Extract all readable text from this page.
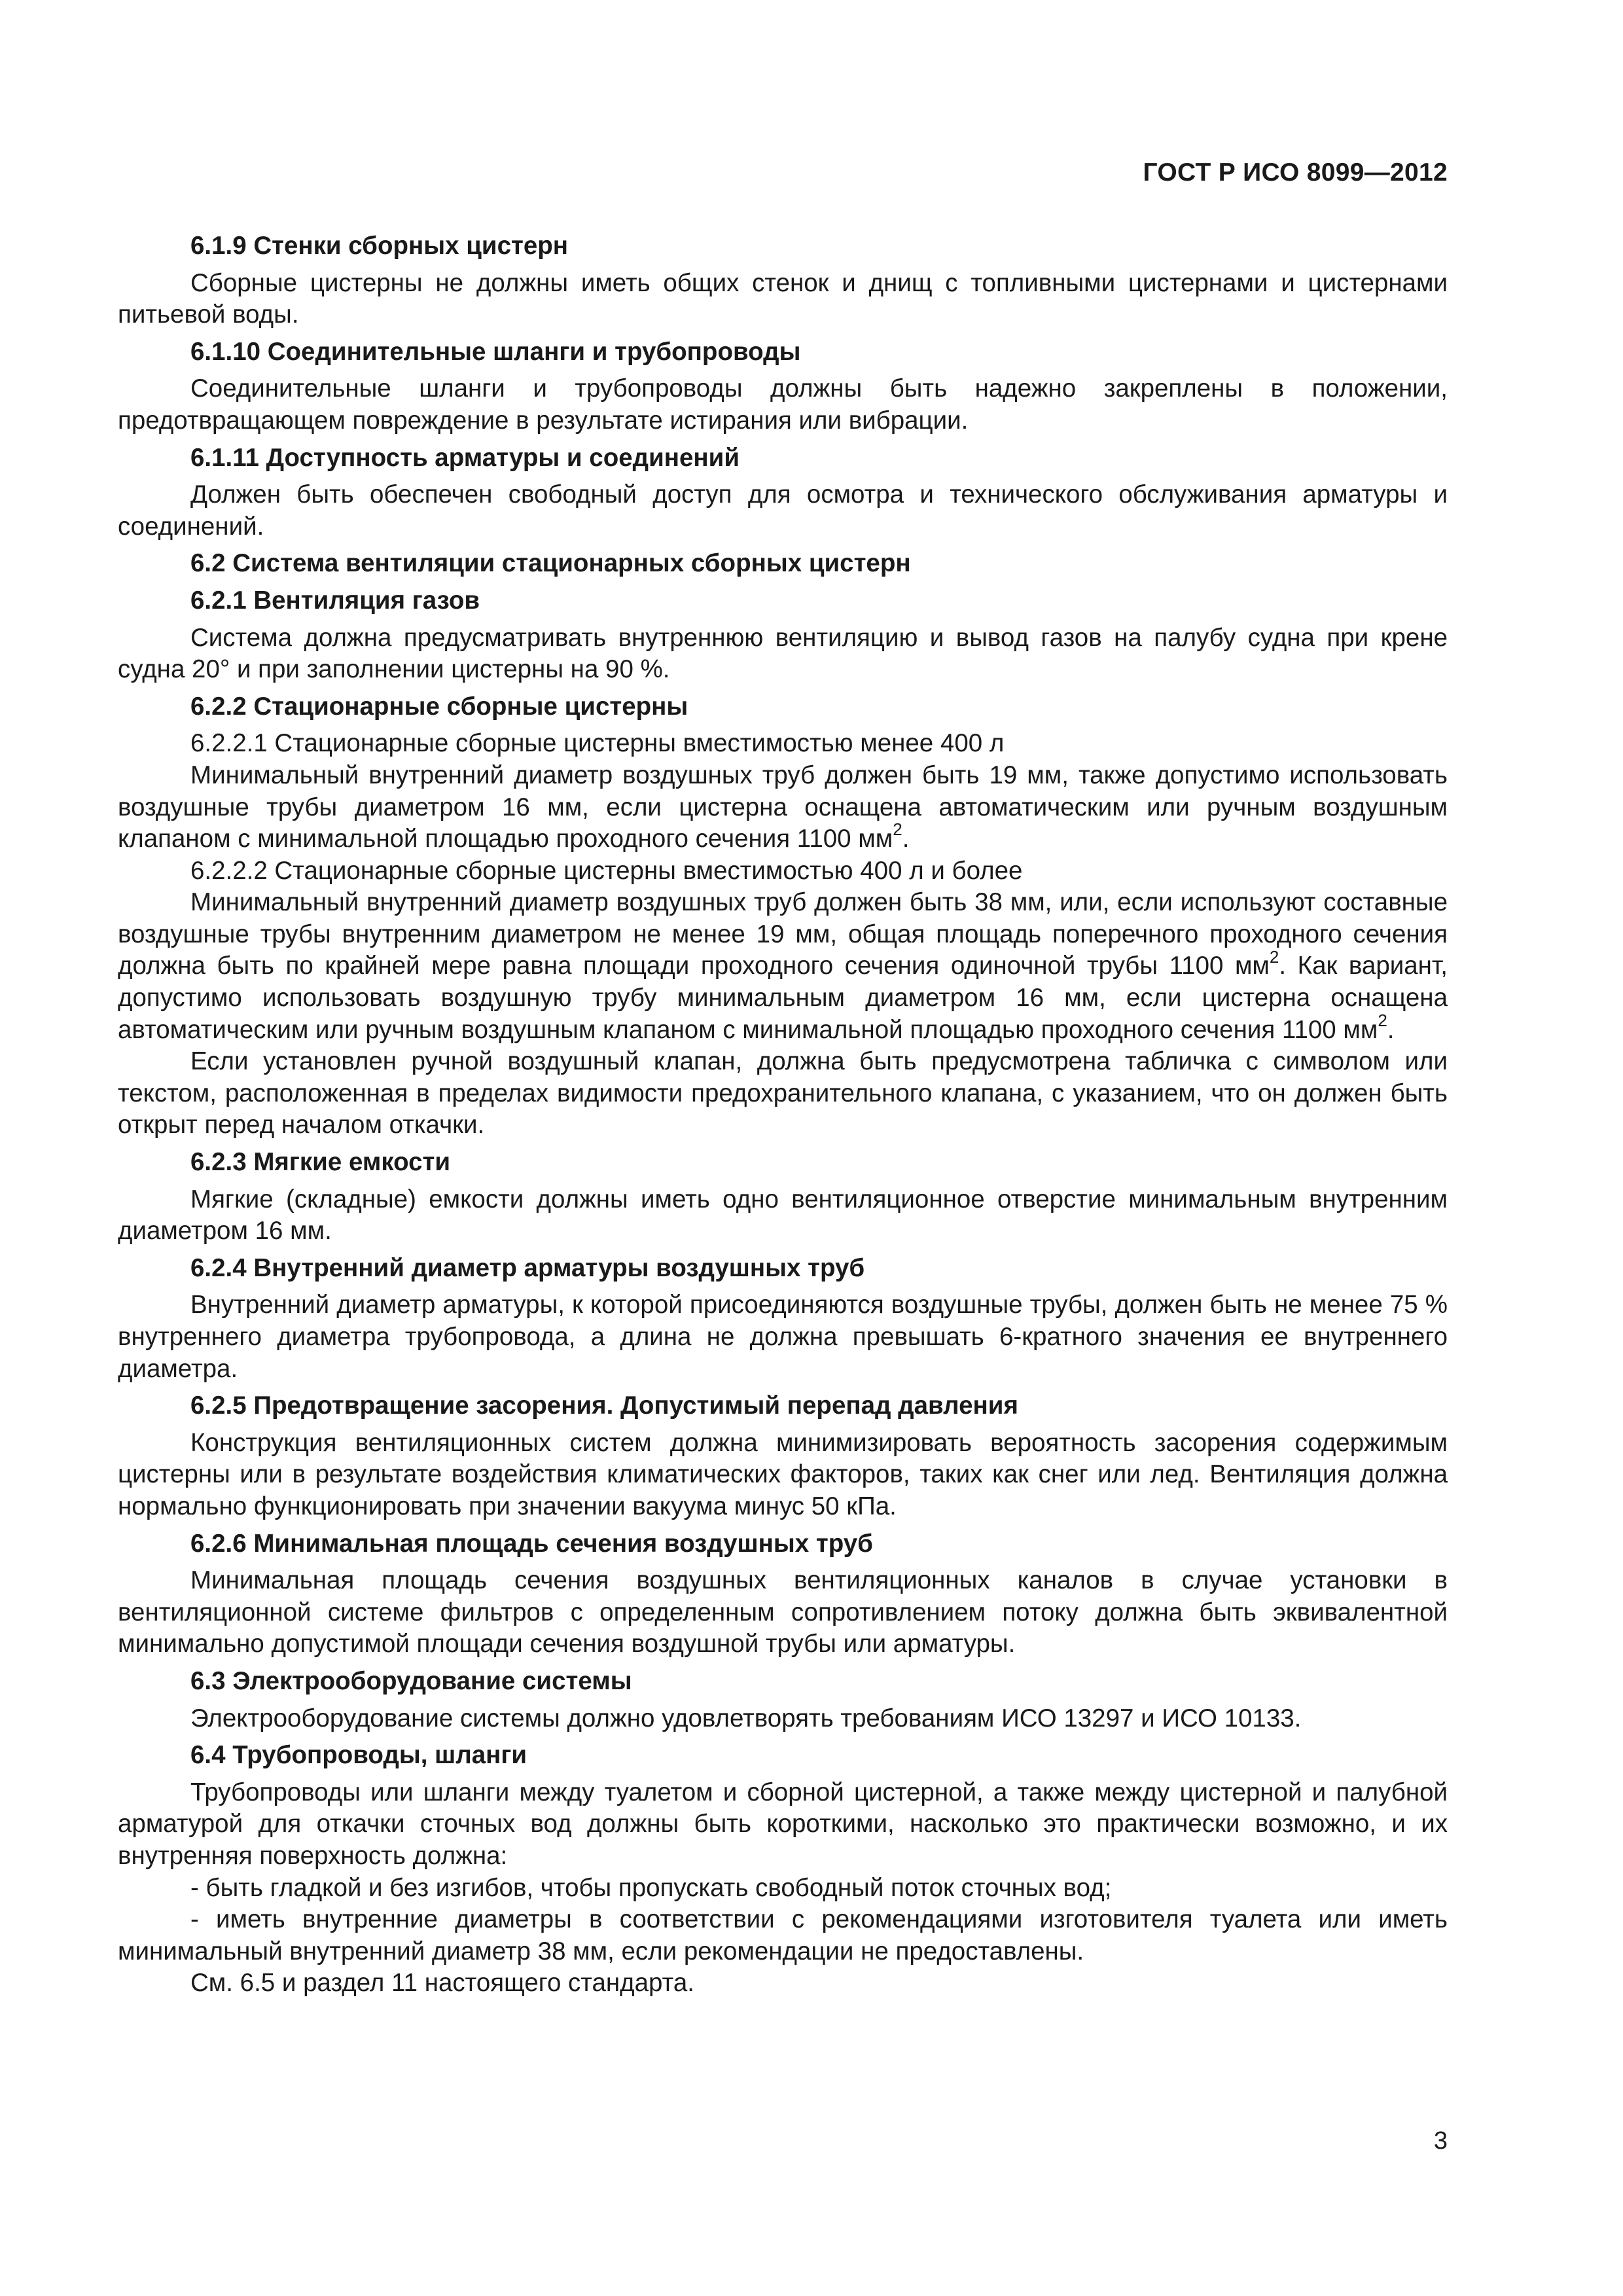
ГОСТ Р ИСО 8099—2012
6.1.9 Стенки сборных цистерн

Сборные цистерны не должны иметь общих стенок и днищ с топливными цистернами и цистернами питьевой воды.

6.1.10 Соединительные шланги и трубопроводы

Соединительные шланги и трубопроводы должны быть надежно закреплены в положении, предотвращающем повреждение в результате истирания или вибрации.

6.1.11 Доступность арматуры и соединений

Должен быть обеспечен свободный доступ для осмотра и технического обслуживания арматуры и соединений.

6.2 Система вентиляции стационарных сборных цистерн
6.2.1 Вентиляция газов

Система должна предусматривать внутреннюю вентиляцию и вывод газов на палубу судна при крене судна 20° и при заполнении цистерны на 90 %.

6.2.2 Стационарные сборные цистерны

6.2.2.1 Стационарные сборные цистерны вместимостью менее 400 л

Минимальный внутренний диаметр воздушных труб должен быть 19 мм, также допустимо использовать воздушные трубы диаметром 16 мм, если цистерна оснащена автоматическим или ручным воздушным клапаном с минимальной площадью проходного сечения 1100 $мм^2$.

6.2.2.2 Стационарные сборные цистерны вместимостью 400 л и более

Минимальный внутренний диаметр воздушных труб должен быть 38 мм, или, если используют составные воздушные трубы внутренним диаметром не менее 19 мм, общая площадь поперечного проходного сечения должна быть по крайней мере равна площади проходного сечения одиночной трубы 1100 $мм^2$. Как вариант, допустимо использовать воздушную трубу минимальным диаметром 16 мм, если цистерна оснащена автоматическим или ручным воздушным клапаном с минимальной площадью проходного сечения 1100 $мм^2$.

Если установлен ручной воздушный клапан, должна быть предусмотрена табличка с символом или текстом, расположенная в пределах видимости предохранительного клапана, с указанием, что он должен быть открыт перед началом откачки.

6.2.3 Мягкие емкости

Мягкие (складные) емкости должны иметь одно вентиляционное отверстие минимальным внутренним диаметром 16 мм.

6.2.4 Внутренний диаметр арматуры воздушных труб

Внутренний диаметр арматуры, к которой присоединяются воздушные трубы, должен быть не менее 75 % внутреннего диаметра трубопровода, а длина не должна превышать 6-кратного значения ее внутреннего диаметра.

6.2.5 Предотвращение засорения. Допустимый перепад давления

Конструкция вентиляционных систем должна минимизировать вероятность засорения содержимым цистерны или в результате воздействия климатических факторов, таких как снег или лед. Вентиляция должна нормально функционировать при значении вакуума минус 50 кПа.

6.2.6 Минимальная площадь сечения воздушных труб

Минимальная площадь сечения воздушных вентиляционных каналов в случае установки в вентиляционной системе фильтров с определенным сопротивлением потоку должна быть эквивалентной минимально допустимой площади сечения воздушной трубы или арматуры.

6.3 Электрооборудование системы

Электрооборудование системы должно удовлетворять требованиям ИСО 13297 и ИСО 10133.

6.4 Трубопроводы, шланги

Трубопроводы или шланги между туалетом и сборной цистерной, а также между цистерной и палубной арматурой для откачки сточных вод должны быть короткими, насколько это практически возможно, и их внутренняя поверхность должна:

- быть гладкой и без изгибов, чтобы пропускать свободный поток сточных вод;

- иметь внутренние диаметры в соответствии с рекомендациями изготовителя туалета или иметь минимальный внутренний диаметр 38 мм, если рекомендации не предоставлены.

См. 6.5 и раздел 11 настоящего стандарта.

3
